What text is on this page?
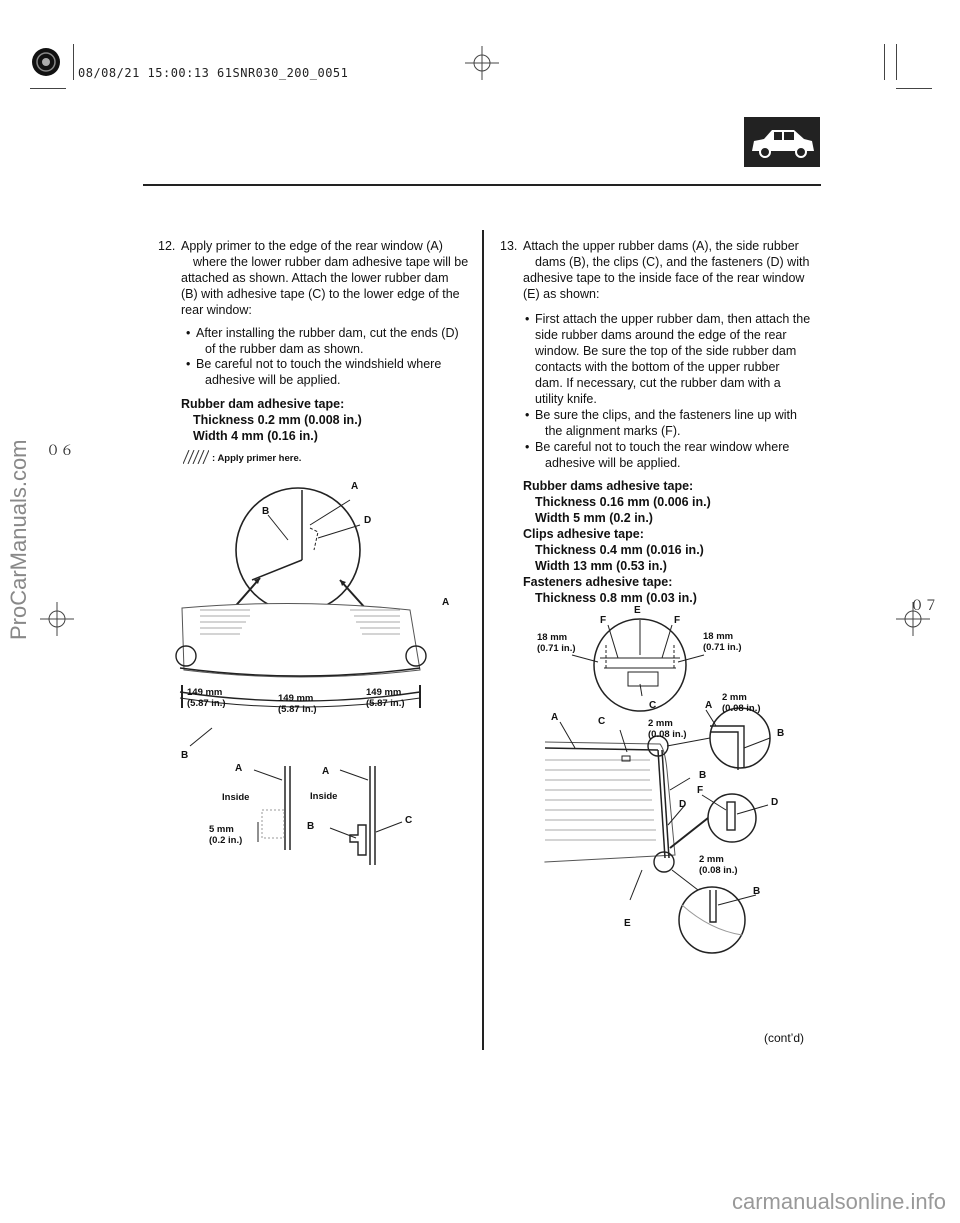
08/08/21 15:00:13 61SNR030_200_0051
ProCarManuals.com ０６
０７
carmanualsonline.info
12. Apply primer to the edge of the rear window (A)
where the lower rubber dam adhesive tape will be
attached as shown. Attach the lower rubber dam
(B) with adhesive tape (C) to the lower edge of the
rear window:
• After installing the rubber dam, cut the ends (D)
of the rubber dam as shown.
• Be careful not to touch the windshield where
adhesive will be applied.
Rubber dam adhesive tape:
Thickness 0.2 mm (0.008 in.)
Width 4 mm (0.16 in.)
: Apply primer here.
A
B
D
A
149 mm
(5.87 in.)	149 mm
(5.87 in.)
149 mm
(5.87 in.)
B
A	A
Inside	Inside
B
C
5 mm
(0.2 in.)
13. Attach the upper rubber dams (A), the side rubber
dams (B), the clips (C), and the fasteners (D) with
adhesive tape to the inside face of the rear window
(E) as shown:
• First attach the upper rubber dam, then attach the
side rubber dams around the edge of the rear
window. Be sure the top of the side rubber dam
contacts with the bottom of the upper rubber
dam. If necessary, cut the rubber dam with a
utility knife.
• Be sure the clips, and the fasteners line up with
the alignment marks (F).
• Be careful not to touch the rear window where
adhesive will be applied.
Rubber dams adhesive tape:
Thickness 0.16 mm (0.006 in.)
Width 5 mm (0.2 in.)
Clips adhesive tape:
Thickness 0.4 mm (0.016 in.)
Width 13 mm (0.53 in.)
Fasteners adhesive tape:
Thickness 0.8 mm (0.03 in.)
E
F	F
18 mm
(0.71 in.)
18 mm
(0.71 in.)
C
2 mm
(0.08 in.)
A
A	C	2 mm
(0.08 in.)	B
B
F
D	D
2 mm
(0.08 in.)
B
E
(cont’d)
